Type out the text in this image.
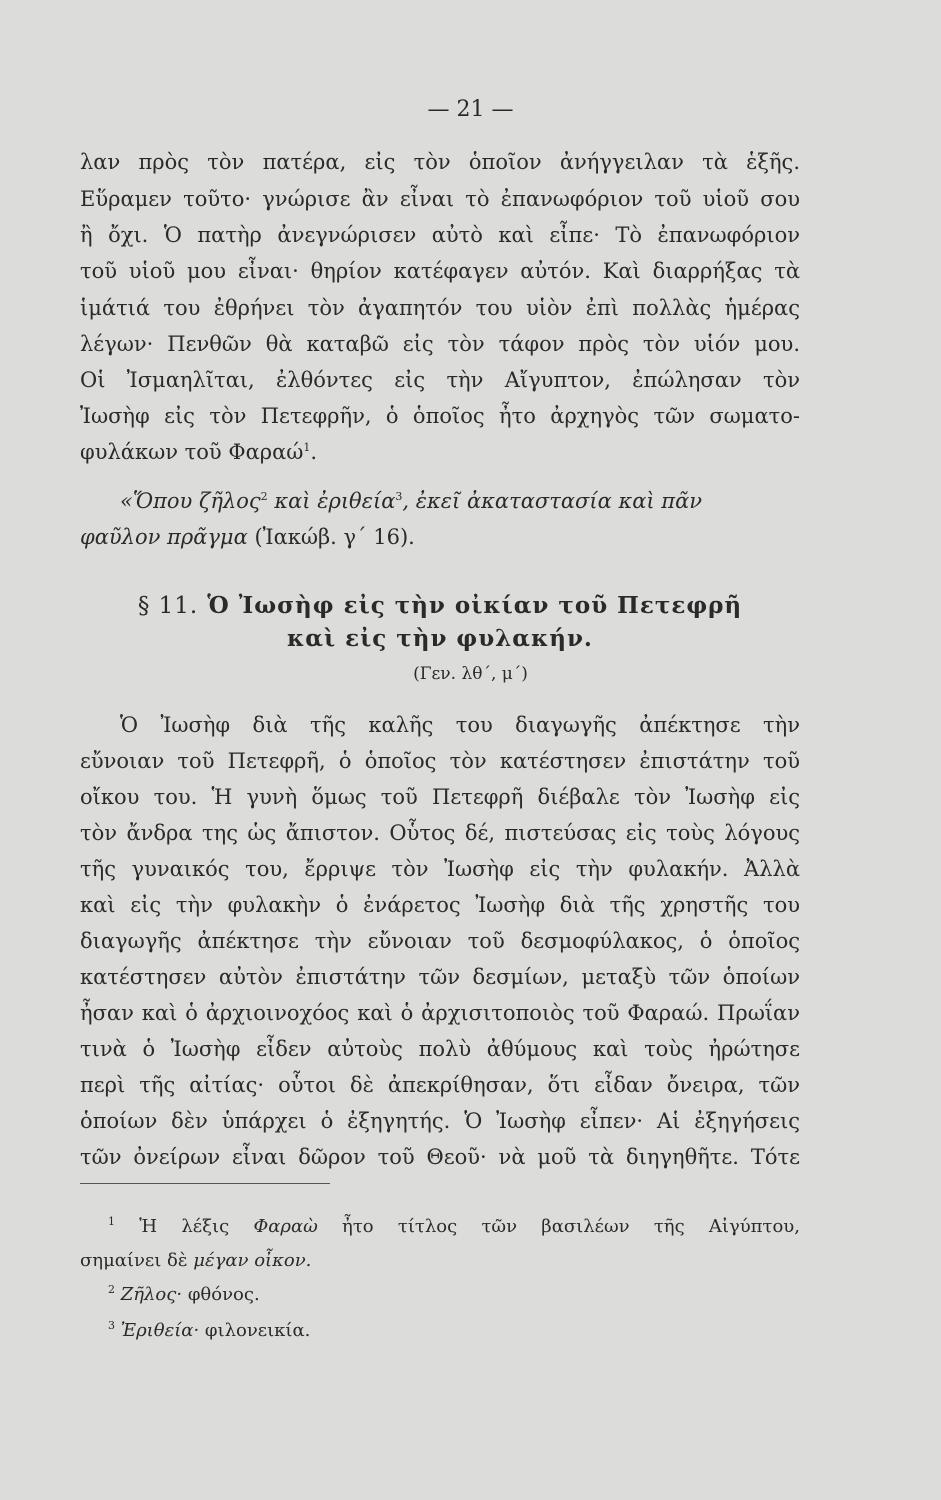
— 21 —
λαν πρὸς τὸν πατέρα, εἰς τὸν ὁποῖον ἀνήγγειλαν τὰ ἑξῆς.
Εὕραμεν τοῦτο· γνώρισε ἂν εἶναι τὸ ἐπανωφόριον τοῦ υἱοῦ σου
ἢ ὄχι. Ὁ πατὴρ ἀνεγνώρισεν αὐτὸ καὶ εἶπε· Τὸ ἐπανωφόριον
τοῦ υἱοῦ μου εἶναι· θηρίον κατέφαγεν αὐτόν. Καὶ διαρρήξας τὰ
ἱμάτιά του ἐθρήνει τὸν ἀγαπητόν του υἱὸν ἐπὶ πολλὰς ἡμέρας
λέγων· Πενθῶν θὰ καταβῶ εἰς τὸν τάφον πρὸς τὸν υἱόν μου.
Οἱ Ἰσμαηλῖται, ἐλθόντες εἰς τὴν Αἴγυπτον, ἐπώλησαν τὸν
Ἰωσὴφ εἰς τὸν Πετεφρῆν, ὁ ὁποῖος ἦτο ἀρχηγὸς τῶν σωματο-
φυλάκων τοῦ Φαραώ$^1$.
«Ὅπου ζῆλος$^2$ καὶ ἐριθεία$^3$, ἐκεῖ ἀκαταστασία καὶ πᾶν
φαῦλον πρᾶγμα (Ἰακώβ. γ΄ 16).
§ 11. Ὁ Ἰωσὴφ εἰς τὴν οἰκίαν τοῦ Πετεφρῆ
καὶ εἰς τὴν φυλακήν.
(Γεν. λθ΄, μ΄)
Ὁ Ἰωσὴφ διὰ τῆς καλῆς του διαγωγῆς ἀπέκτησε τὴν
εὔνοιαν τοῦ Πετεφρῆ, ὁ ὁποῖος τὸν κατέστησεν ἐπιστάτην τοῦ
οἴκου του. Ἡ γυνὴ ὅμως τοῦ Πετεφρῆ διέβαλε τὸν Ἰωσὴφ εἰς
τὸν ἄνδρα της ὡς ἄπιστον. Οὗτος δέ, πιστεύσας εἰς τοὺς λόγους
τῆς γυναικός του, ἔρριψε τὸν Ἰωσὴφ εἰς τὴν φυλακήν. Ἀλλὰ
καὶ εἰς τὴν φυλακὴν ὁ ἐνάρετος Ἰωσὴφ διὰ τῆς χρηστῆς του
διαγωγῆς ἀπέκτησε τὴν εὔνοιαν τοῦ δεσμοφύλακος, ὁ ὁποῖος
κατέστησεν αὐτὸν ἐπιστάτην τῶν δεσμίων, μεταξὺ τῶν ὁποίων
ἦσαν καὶ ὁ ἀρχιοινοχόος καὶ ὁ ἀρχισιτοποιὸς τοῦ Φαραώ. Πρωΐαν
τινὰ ὁ Ἰωσὴφ εἶδεν αὐτοὺς πολὺ ἀθύμους καὶ τοὺς ἠρώτησε
περὶ τῆς αἰτίας· οὗτοι δὲ ἀπεκρίθησαν, ὅτι εἶδαν ὄνειρα, τῶν
ὁποίων δὲν ὑπάρχει ὁ ἐξηγητής. Ὁ Ἰωσὴφ εἶπεν· Αἱ ἐξηγήσεις
τῶν ὀνείρων εἶναι δῶρον τοῦ Θεοῦ· νὰ μοῦ τὰ διηγηθῆτε. Τότε
$^1$ Ἡ λέξις Φαραὼ ἦτο τίτλος τῶν βασιλέων τῆς Αἰγύπτου,
σημαίνει δὲ μέγαν οἶκον.
$^2$ Ζῆλος· φθόνος.
$^3$ Ἐριθεία· φιλονεικία.
